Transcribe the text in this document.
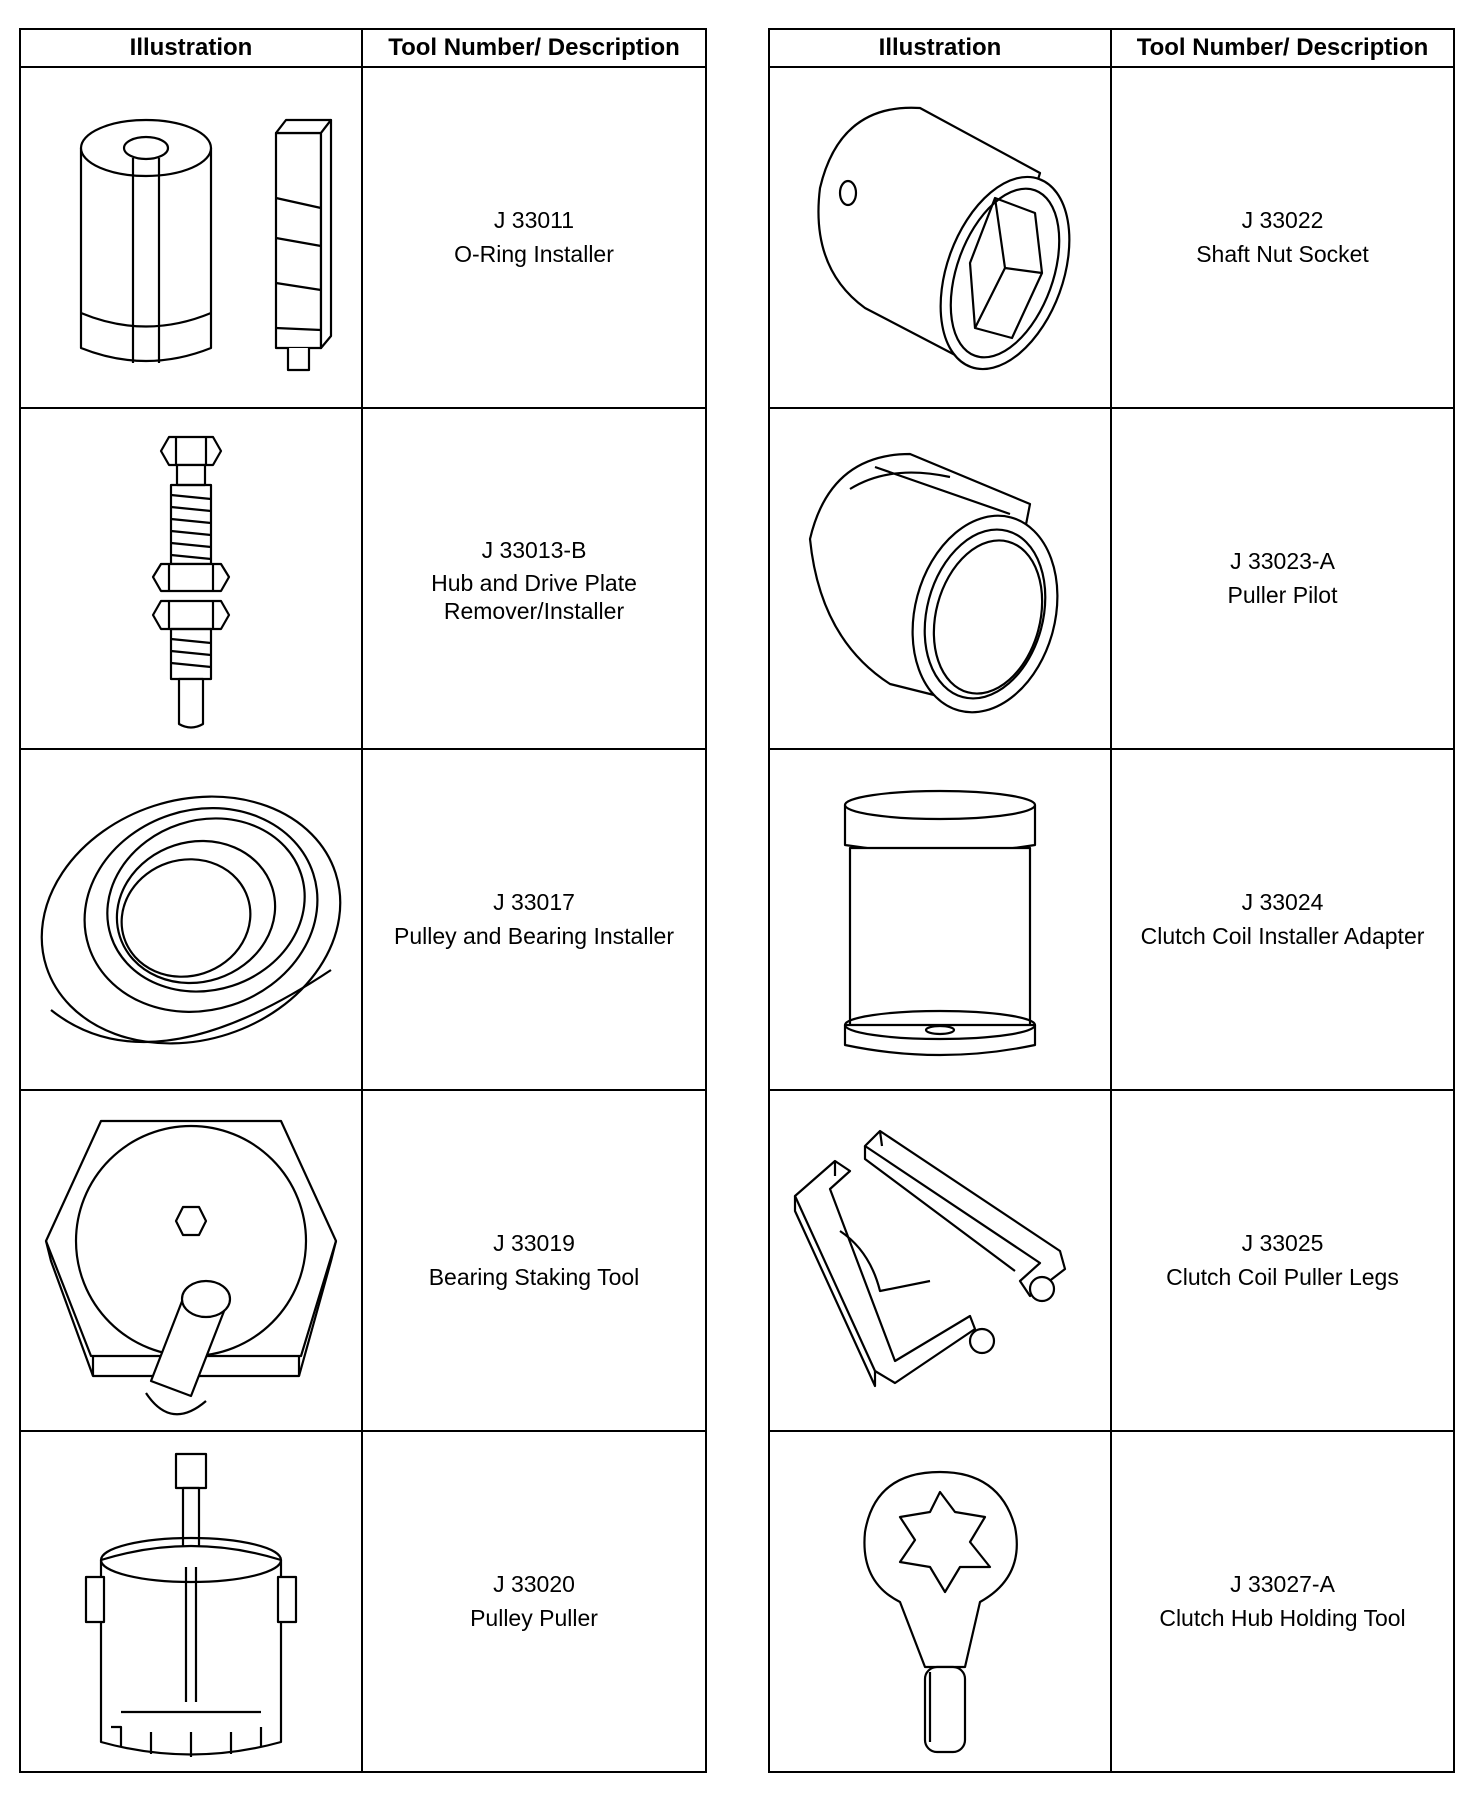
Illustration	Tool Number/ Description

J 33011
O-Ring Installer

J 33013-B
Hub and Drive Plate
Remover/Installer

J 33017
Pulley and Bearing Installer

J 33019
Bearing Staking Tool

J 33020
Pulley Puller
Illustration	Tool Number/ Description

J 33022
Shaft Nut Socket

J 33023-A
Puller Pilot

J 33024
Clutch Coil Installer Adapter

J 33025
Clutch Coil Puller Legs

J 33027-A
Clutch Hub Holding Tool
